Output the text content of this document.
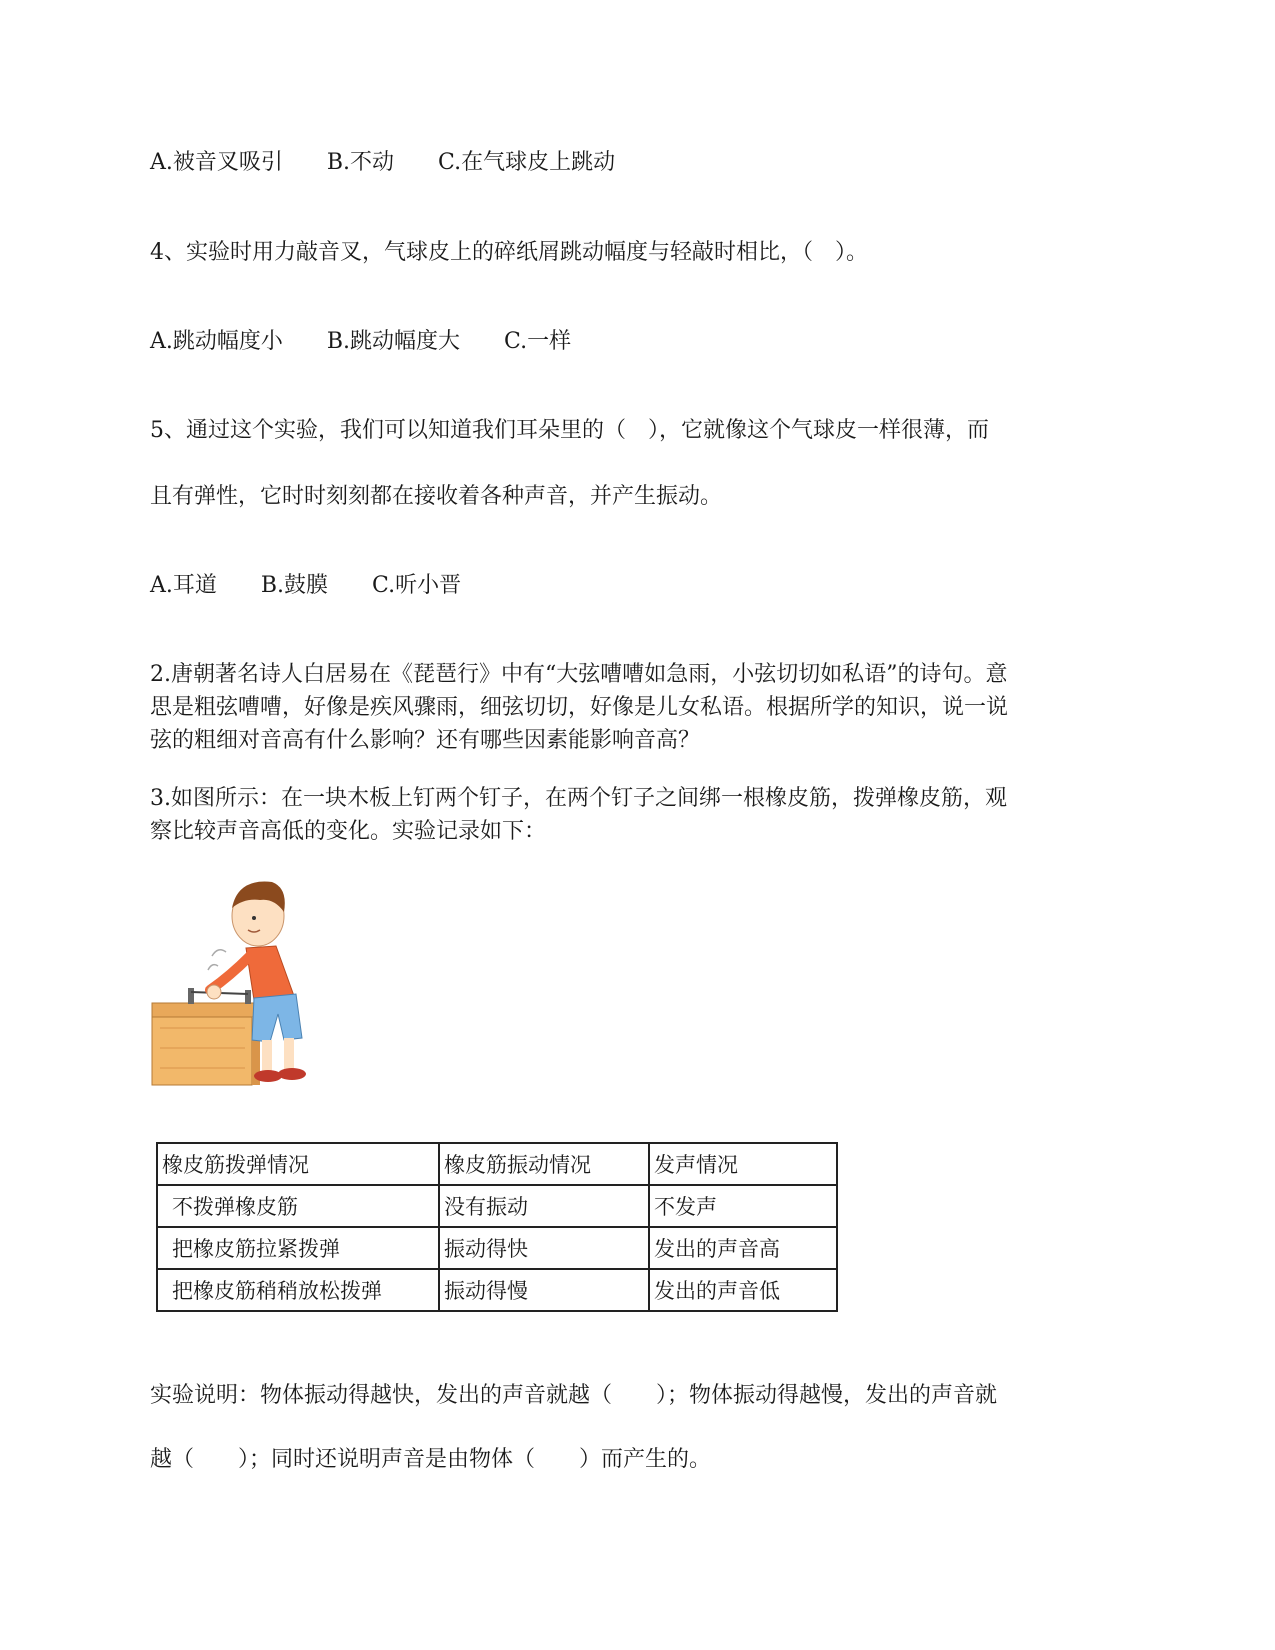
A.被音叉吸引　　B.不动　　C.在气球皮上跳动
4、实验时用力敲音叉，气球皮上的碎纸屑跳动幅度与轻敲时相比，（　）。
A.跳动幅度小　　B.跳动幅度大　　C.一样
5、通过这个实验，我们可以知道我们耳朵里的（　），它就像这个气球皮一样很薄，而
且有弹性，它时时刻刻都在接收着各种声音，并产生振动。
A.耳道　　B.鼓膜　　C.听小晋
2.唐朝著名诗人白居易在《琵琶行》中有“大弦嘈嘈如急雨，小弦切切如私语”的诗句。意
思是粗弦嘈嘈，好像是疾风骤雨，细弦切切，好像是儿女私语。根据所学的知识，说一说
弦的粗细对音高有什么影响？还有哪些因素能影响音高？
3.如图所示：在一块木板上钉两个钉子，在两个钉子之间绑一根橡皮筋，拨弹橡皮筋，观
察比较声音高低的变化。实验记录如下：
橡皮筋拨弹情况	橡皮筋振动情况	发声情况
不拨弹橡皮筋	没有振动	不发声
把橡皮筋拉紧拨弹	振动得快	发出的声音高
把橡皮筋稍稍放松拨弹	振动得慢	发出的声音低
实验说明：物体振动得越快，发出的声音就越（　　）；物体振动得越慢，发出的声音就
越（　　）；同时还说明声音是由物体（　　）而产生的。
